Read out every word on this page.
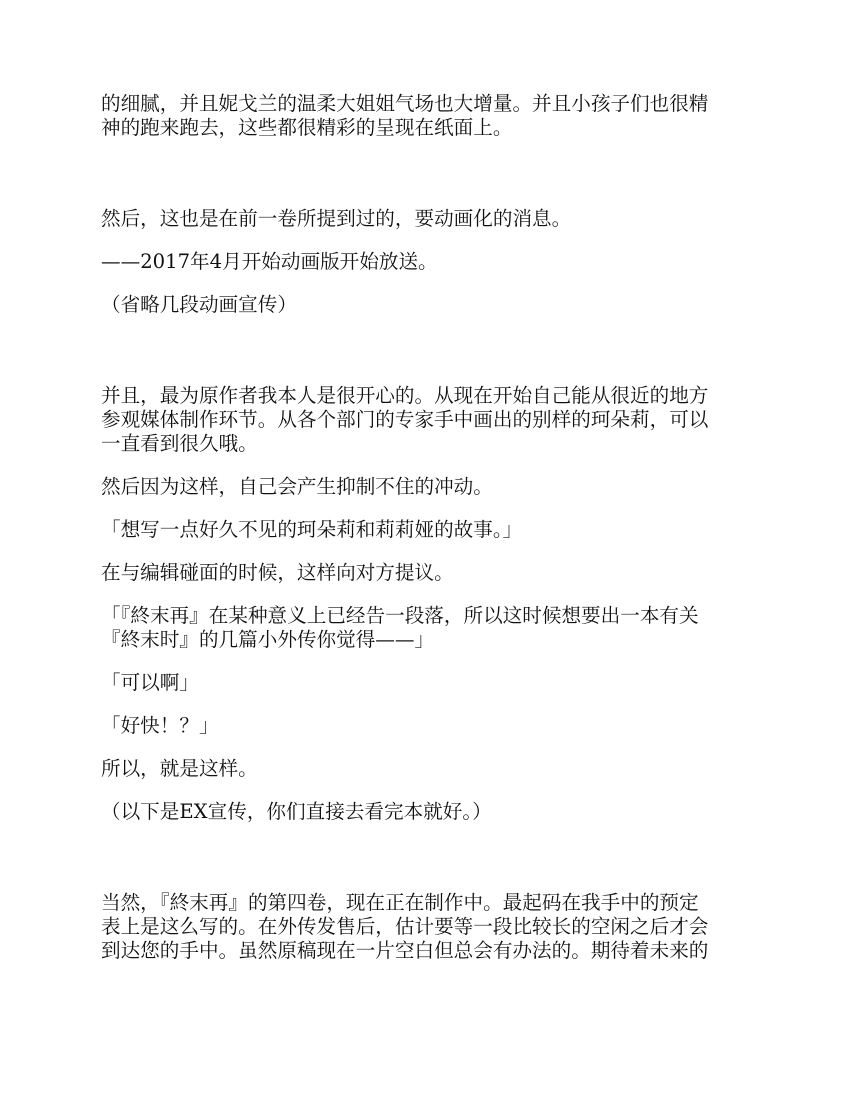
的细腻，并且妮戈兰的温柔大姐姐气场也大增量。并且小孩子们也很精
神的跑来跑去，这些都很精彩的呈现在纸面上。

然后，这也是在前一卷所提到过的，要动画化的消息。

——2017年4月开始动画版开始放送。

（省略几段动画宣传）

并且，最为原作者我本人是很开心的。从现在开始自己能从很近的地方
参观媒体制作环节。从各个部门的专家手中画出的别样的珂朵莉，可以
一直看到很久哦。

然后因为这样，自己会产生抑制不住的冲动。

「想写一点好久不见的珂朵莉和莉莉娅的故事。」

在与编辑碰面的时候，这样向对方提议。

「『終末再』在某种意义上已经告一段落，所以这时候想要出一本有关
『終末时』的几篇小外传你觉得——」

「可以啊」

「好快！？」

所以，就是这样。

（以下是EX宣传，你们直接去看完本就好。）

当然，『終末再』的第四卷，现在正在制作中。最起码在我手中的预定
表上是这么写的。在外传发售后，估计要等一段比较长的空闲之后才会
到达您的手中。虽然原稿现在一片空白但总会有办法的。期待着未来的
